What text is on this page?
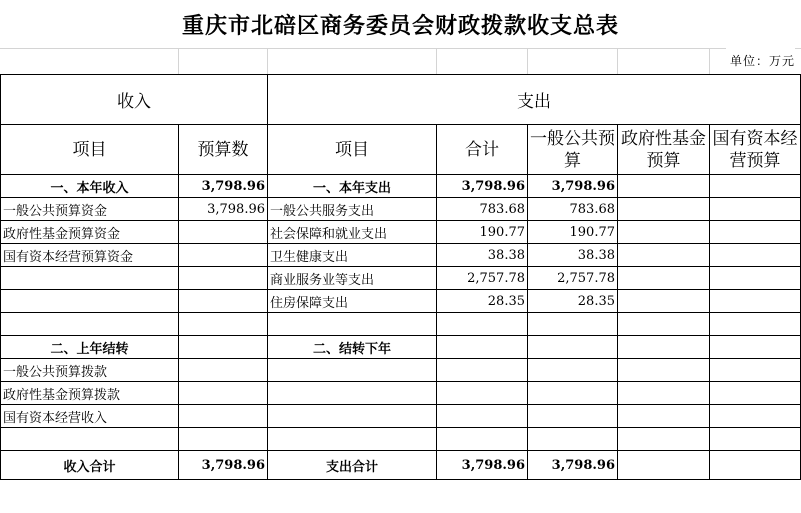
重庆市北碚区商务委员会财政拨款收支总表
单位：万元
收入		支出				
项目	预算数	项目	合计	一般公共预算	政府性基金预算	国有资本经营预算
一、本年收入	3,798.96	一、本年支出	3,798.96	3,798.96		
一般公共预算资金	3,798.96	一般公共服务支出	783.68	783.68		
政府性基金预算资金		社会保障和就业支出	190.77	190.77		
国有资本经营预算资金		卫生健康支出	38.38	38.38		
		商业服务业等支出	2,757.78	2,757.78		
		住房保障支出	28.35	28.35		

二、上年结转		二、结转下年				
一般公共预算拨款						
政府性基金预算拨款						
国有资本经营收入						

收入合计	3,798.96	支出合计	3,798.96	3,798.96		
